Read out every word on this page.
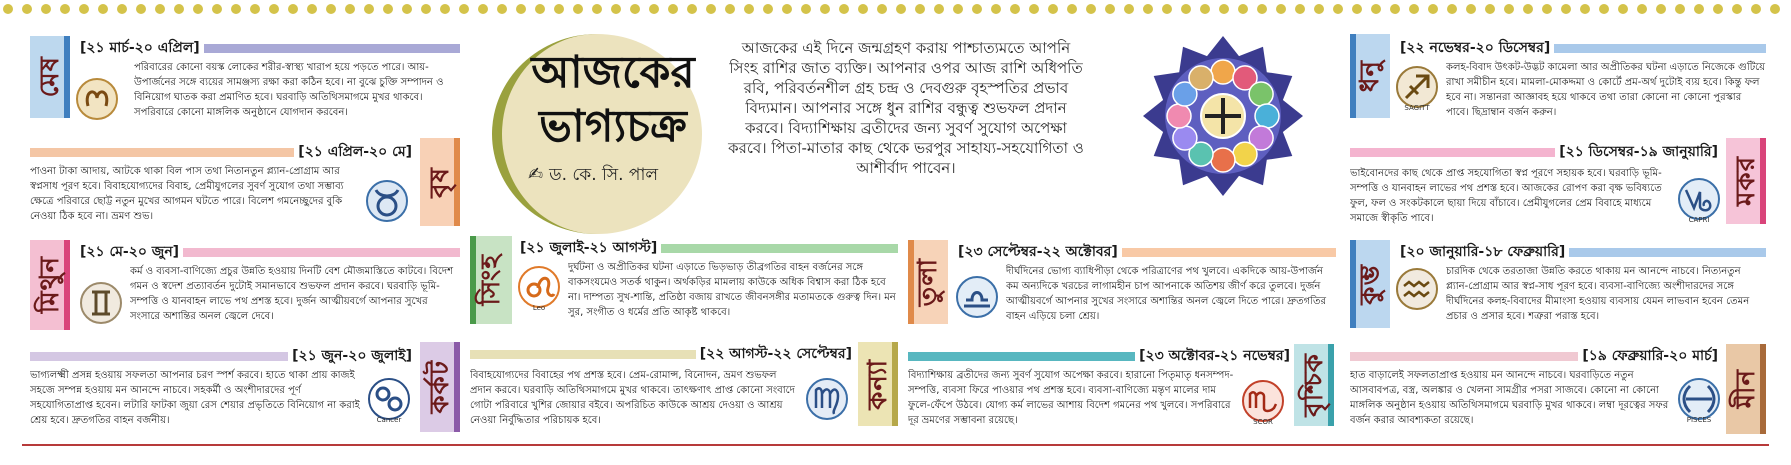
মেষ
[২১ মার্চ-২০ এপ্রিল]
পরিবারের কোনো বয়স্ক লোকের শরীর-স্বাস্থ্য খারাপ হয়ে পড়তে পারে। আয়-উপার্জনের সঙ্গে ব্যয়ের সামঞ্জস্য রক্ষা করা কঠিন হবে। না বুঝে চুক্তি সম্পাদন ও বিনিয়োগ ঘাতক করা প্রমাণিত হবে। ঘরবাড়ি অতিথিসমাগমে মুখর থাকবে। সপরিবারে কোনো মাঙ্গলিক অনুষ্ঠানে যোগদান করবেন।
[২১ এপ্রিল-২০ মে]
পাওনা টাকা আদায়, আটকে থাকা বিল পাস তথা নিতানতুন প্ল্যান-প্রোগ্রাম আর স্বপ্নসাধ পূরণ হবে। বিবাহযোগ্যদের বিবাহ, প্রেমীযুগলের সুবর্ণ সুযোগ তথা সম্ভাব্য ক্ষেত্রে পরিবারে ছোট্ট নতুন মুখের আগমন ঘটতে পারে। বিলেশ গমনেচ্ছুদের বুকি নেওয়া ঠিক হবে না। ভ্রমণ শুভ।
বৃষ
মিথুন
[২১ মে-২০ জুন]
কর্ম ও ব্যবসা-বাণিজ্যে প্রচুর উন্নতি হওয়ায় দিনটি বেশ মৌজমাস্তিতে কাটবে। বিদেশ গমন ও স্বদেশ প্রত্যাবর্তন দুটোই সমানভাবে শুভফল প্রদান করবে। ঘরবাড়ি ভূমি-সম্পত্তি ও যানবাহন লাভে পথ প্রশস্ত হবে। দুর্জন আত্মীয়বর্গে আপনার সুখের সংসারে অশান্তির অনল জ্বেলে দেবে।
[২১ জুন-২০ জুলাই]
ভাগ্যলক্ষ্মী প্রসন্ন হওয়ায় সফলতা আপনার চরণ স্পর্শ করবে। হাতে থাকা প্রায় কাজই সহজে সম্পন্ন হওয়ায় মন আনন্দে নাচবে। সহকর্মী ও অংশীদারদের পূর্ণ সহযোগিতাপ্রাপ্ত হবেন। লটারি ফাটকা জুয়া রেস শেয়ার প্রভৃতিতে বিনিয়োগ না করাই শ্রেয় হবে। দ্রুতগতির বাহন বর্জনীয়।	Cancer
কর্কট
আজকের
ভাগ্যচক্র
✍ ড. কে. সি. পাল
আজকের এই দিনে জন্মগ্রহণ করায় পাশ্চাত্যমতে আপনি সিংহ রাশির জাত ব্যক্তি। আপনার ওপর আজ রাশি অধিপতি রবি, পরিবর্তনশীল গ্রহ চন্দ্র ও দেবগুরু বৃহস্পতির প্রভাব বিদ্যমান। আপনার সঙ্গে ধুন রাশির বন্ধুত্ব শুভফল প্রদান করবে। বিদ্যাশিক্ষায় ব্রতীদের জন্য সুবর্ণ সুযোগ অপেক্ষা করবে। পিতা-মাতার কাছ থেকে ভরপুর সাহায্য-সহযোগিতা ও আশীর্বাদ পাবেন।
সিংহ
[২১ জুলাই-২১ আগস্ট]
Leo
দুর্ঘটনা ও অপ্রীতিকর ঘটনা এড়াতে ভিড়ভাড় তীব্রগতির বাহন বর্জনের সঙ্গে বাকসংযমেও সতর্ক থাকুন। অর্থকড়ির মামলায় কাউকে অধিক বিশ্বাস করা ঠিক হবে না। দাম্পত্য সুখ-শান্তি, প্রতিষ্ঠা বজায় রাখতে জীবনসঙ্গীর মতামতকে গুরুত্ব দিন। মন সুর, সংগীত ও ধর্মের প্রতি আকৃষ্ট থাকবে।
[২২ আগস্ট-২২ সেপ্টেম্বর]
বিবাহযোগ্যদের বিবাহের পথ প্রশস্ত হবে। প্রেম-রোমান্স, বিনোদন, ভ্রমণ শুভফল প্রদান করবে। ঘরবাড়ি অতিথিসমাগমে মুখর থাকবে। তাৎক্ষণাৎ প্রাপ্ত কোনো সংবাদে গোটা পরিবারে খুশির জোয়ার বইবে। অপরিচিত কাউকে আশ্রয় দেওয়া ও আশ্রয় নেওয়া নির্বুদ্ধিতার পরিচায়ক হবে।
কন্যা
তুলা
[২৩ সেপ্টেম্বর-২২ অক্টোবর]
দীর্ঘদিনের ভোগ্য ব্যাধিপীড়া থেকে পরিত্রাণের পথ খুলবে। একদিকে আয়-উপার্জন কম অন্যদিকে খরচের লাগামহীন চাপ আপনাকে অতিশয় জীর্ণ করে তুলবে। দুর্জন আত্মীয়বর্গে আপনার সুখের সংসারে অশান্তির অনল জ্বেলে দিতে পারে। দ্রুতগতির বাহন এড়িয়ে চলা শ্রেয়।
[২৩ অক্টোবর-২১ নভেম্বর]
বিদ্যাশিক্ষায় ব্রতীদের জন্য সুবর্ণ সুযোগ অপেক্ষা করবে। হারানো পিতৃমাতৃ ধনসম্পদ-সম্পত্তি, ব্যবসা ফিরে পাওয়ার পথ প্রশস্ত হবে। ব্যবসা-বাণিজ্যে মন্তৃণ মালের দাম ফুলে-ফেঁপে উঠবে। যোগ্য কর্ম লাভের আশায় বিদেশ গমনের পথ খুলবে। সপরিবারে দূর ভ্রমণের সম্ভাবনা রয়েছে।	SCOR
বৃশ্চিক
ধনু
[২২ নভেম্বর-২০ ডিসেম্বর]
SAGITT
কলহ-বিবাদ উৎকট-উদ্ভট কামেলা আর অপ্রীতিকর ঘটনা এড়াতে নিজেকে গুটিয়ে রাখা সমীচীন হবে। মামলা-মোকদ্দমা ও কোর্টে প্রম-অর্থ দুটোই ব্যয় হবে। কিন্তু ফল হবে না। সন্তানরা আজ্ঞাবহ হয়ে থাকবে তথা তারা কোনো না কোনো পুরস্কার পাবে। ছিদ্রাম্বান বর্জন করুন।
[২১ ডিসেম্বর-১৯ জানুয়ারি]
ভাইবোনদের কাছ থেকে প্রাপ্ত সহযোগিতা স্বপ্ন পূরণে সহায়ক হবে। ঘরবাড়ি ভূমি-সম্পত্তি ও যানবাহন লাভের পথ প্রশস্ত হবে। আজকের রোপণ করা বৃক্ষ ভবিষ্যতে ফুল, ফল ও সংকটকালে ছায়া দিয়ে বাঁচাবে। প্রেমীযুগলের প্রেম বিবাহে মাধ্যমে সমাজে স্বীকৃতি পাবে।	CAPRI
মকর
কুম্ভ
[২০ জানুয়ারি-১৮ ফেব্রুয়ারি]
চারদিক থেকে তরতাজা উন্নতি করতে থাকায় মন আনন্দে নাচবে। নিত্যনতুন প্ল্যান-প্রোগ্রাম আর স্বপ্ন-সাধ পূরণ হবে। ব্যবসা-বাণিজ্যে অংশীদারদের সঙ্গে দীর্ঘদিনের কলহ-বিবাদের মীমাংসা হওয়ায় ব্যবসায় যেমন লাভবান হবেন তেমন প্রচার ও প্রসার হবে। শত্রুরা পরাস্ত হবে।
[১৯ ফেব্রুয়ারি-২০ মার্চ]
হাত বাড়ালেই সফলতাপ্রাপ্ত হওয়ায় মন আনন্দে নাচবে। ঘরবাড়িতে নতুন আসবাবপত্র, বস্ত্র, অলঙ্কার ও খেলনা সামগ্রীর পসরা সাজবে। কোনো না কোনো মাঙ্গলিক অনুষ্ঠান হওয়ায় অতিথিসমাগমে ঘরবাড়ি মুখর থাকবে। লম্বা দূরত্বের সফর বর্জন করার আবশ্যকতা রয়েছে।	PISCES
মীন
